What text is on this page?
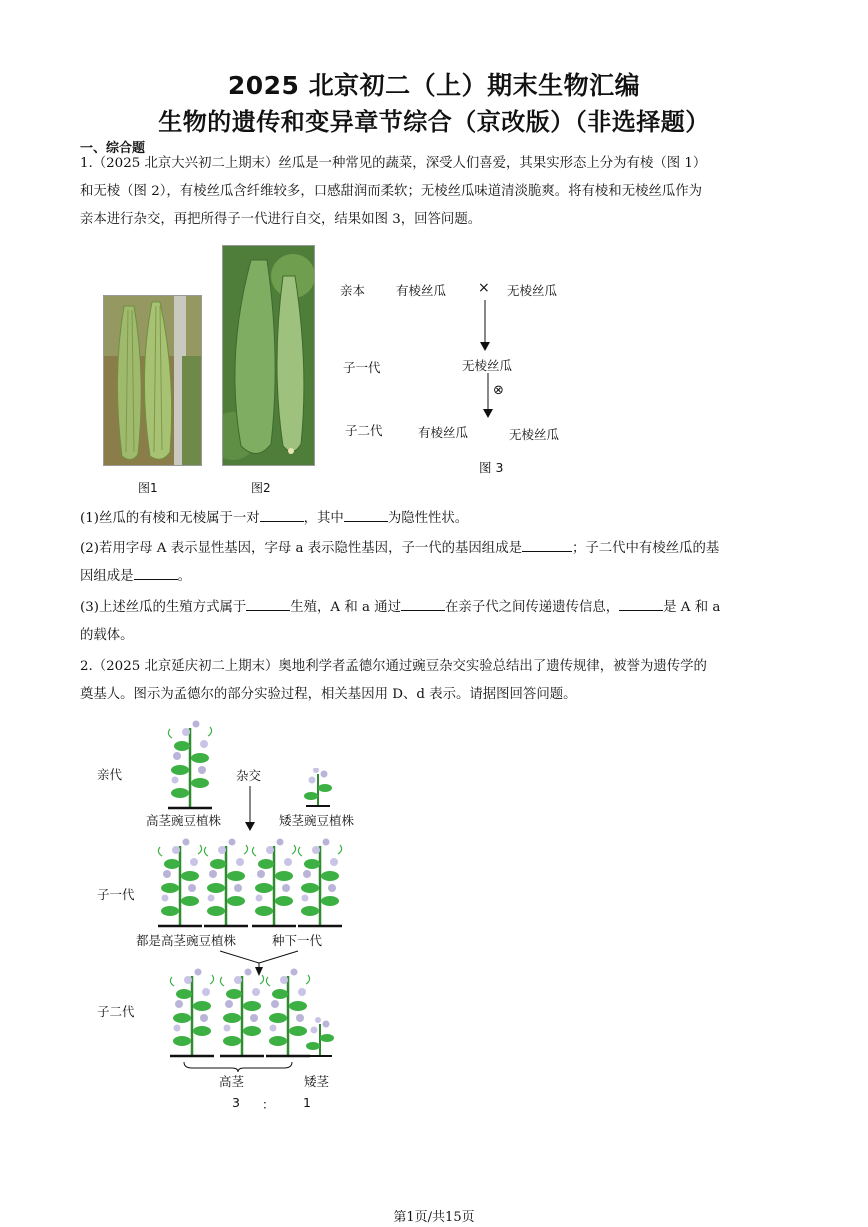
2025 北京初二（上）期末生物汇编
生物的遗传和变异章节综合（京改版）（非选择题）
一、综合题
1.（2025 北京大兴初二上期末）丝瓜是一种常见的蔬菜，深受人们喜爱，其果实形态上分为有棱（图 1）
和无棱（图 2），有棱丝瓜含纤维较多，口感甜润而柔软；无棱丝瓜味道清淡脆爽。将有棱和无棱丝瓜作为
亲本进行杂交，再把所得子一代进行自交，结果如图 3，回答问题。
图1	图2
亲本 有棱丝瓜 × 无棱丝瓜
子一代	无棱丝瓜
⊗
子二代	有棱丝瓜	无棱丝瓜
图 3
(1)丝瓜的有棱和无棱属于一对	，其中	为隐性性状。
(2)若用字母 A 表示显性基因，字母 a 表示隐性基因，子一代的基因组成是	；子二代中有棱丝瓜的基
因组成是	。
(3)上述丝瓜的生殖方式属于	生殖，A 和 a 通过	在亲子代之间传递遗传信息，	是 A 和 a
的载体。
2.（2025 北京延庆初二上期末）奥地利学者孟德尔通过豌豆杂交实验总结出了遗传规律，被誉为遗传学的
奠基人。图示为孟德尔的部分实验过程，相关基因用 D、d 表示。请据图回答问题。
亲代	杂交
高茎豌豆植株	矮茎豌豆植株
子一代
都是高茎豌豆植株	种下一代
子二代
高茎	矮茎
3 ： 1
第1页/共15页
